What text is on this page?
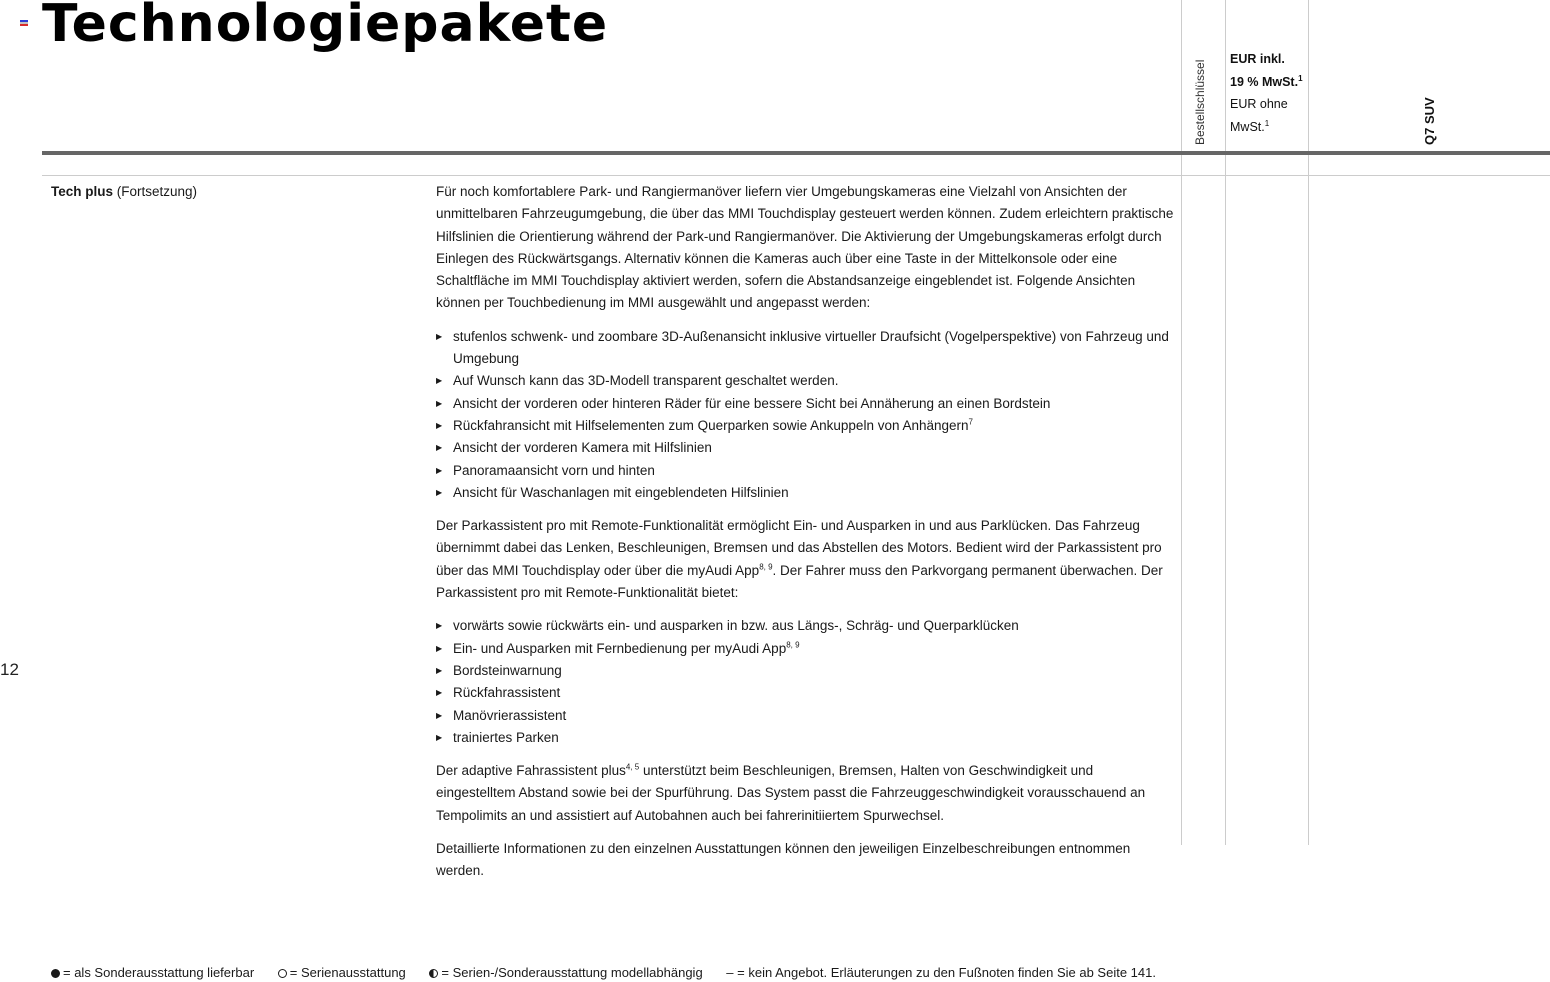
Technologiepakete
Bestellschlüssel
EUR inkl.
19 % MwSt.$^1$
EUR ohne
MwSt.$^1$	Q7 SUV
Tech plus (Fortsetzung)	Für noch komfortablere Park- und Rangiermanöver liefern vier Umgebungskameras eine Vielzahl von Ansichten der unmittelbaren Fahrzeugumgebung, die über das MMI Touchdisplay gesteuert werden können. Zudem erleichtern praktische Hilfslinien die Orientierung während der Park-und Rangiermanöver. Die Aktivierung der Umgebungskameras erfolgt durch Einlegen des Rückwärtsgangs. Alternativ können die Kameras auch über eine Taste in der Mittelkonsole oder eine Schaltfläche im MMI Touchdisplay aktiviert werden, sofern die Abstandsanzeige eingeblendet ist. Folgende Ansichten können per Touchbedienung im MMI ausgewählt und angepasst werden:

▶ stufenlos schwenk- und zoombare 3D-Außenansicht inklusive virtueller Draufsicht (Vogelperspektive) von Fahrzeug und Umgebung
▶ Auf Wunsch kann das 3D-Modell transparent geschaltet werden.
▶ Ansicht der vorderen oder hinteren Räder für eine bessere Sicht bei Annäherung an einen Bordstein
▶ Rückfahransicht mit Hilfselementen zum Querparken sowie Ankuppeln von Anhängern$^7$
▶ Ansicht der vorderen Kamera mit Hilfslinien
▶ Panoramaansicht vorn und hinten
▶ Ansicht für Waschanlagen mit eingeblendeten Hilfslinien

Der Parkassistent pro mit Remote-Funktionalität ermöglicht Ein- und Ausparken in und aus Parklücken. Das Fahrzeug übernimmt dabei das Lenken, Beschleunigen, Bremsen und das Abstellen des Motors. Bedient wird der Parkassistent pro über das MMI Touchdisplay oder über die myAudi App$^{8, 9}$. Der Fahrer muss den Parkvorgang permanent überwachen. Der Parkassistent pro mit Remote-Funktionalität bietet:

▶ vorwärts sowie rückwärts ein- und ausparken in bzw. aus Längs-, Schräg- und Querparklücken
▶ Ein- und Ausparken mit Fernbedienung per myAudi App$^{8, 9}$
▶ Bordsteinwarnung
▶ Rückfahrassistent
▶ Manövrierassistent
▶ trainiertes Parken

Der adaptive Fahrassistent plus$^{4, 5}$ unterstützt beim Beschleunigen, Bremsen, Halten von Geschwindigkeit und eingestelltem Abstand sowie bei der Spurführung. Das System passt die Fahrzeuggeschwindigkeit vorausschauend an Tempolimits an und assistiert auf Autobahnen auch bei fahrerinitiiertem Spurwechsel.

Detaillierte Informationen zu den einzelnen Ausstattungen können den jeweiligen Einzelbeschreibungen entnommen werden.

12
= als Sonderausstattung lieferbar	= Serienausstattung	= Serien-/Sonderausstattung modellabhängig – = kein Angebot. Erläuterungen zu den Fußnoten finden Sie ab Seite 141.
